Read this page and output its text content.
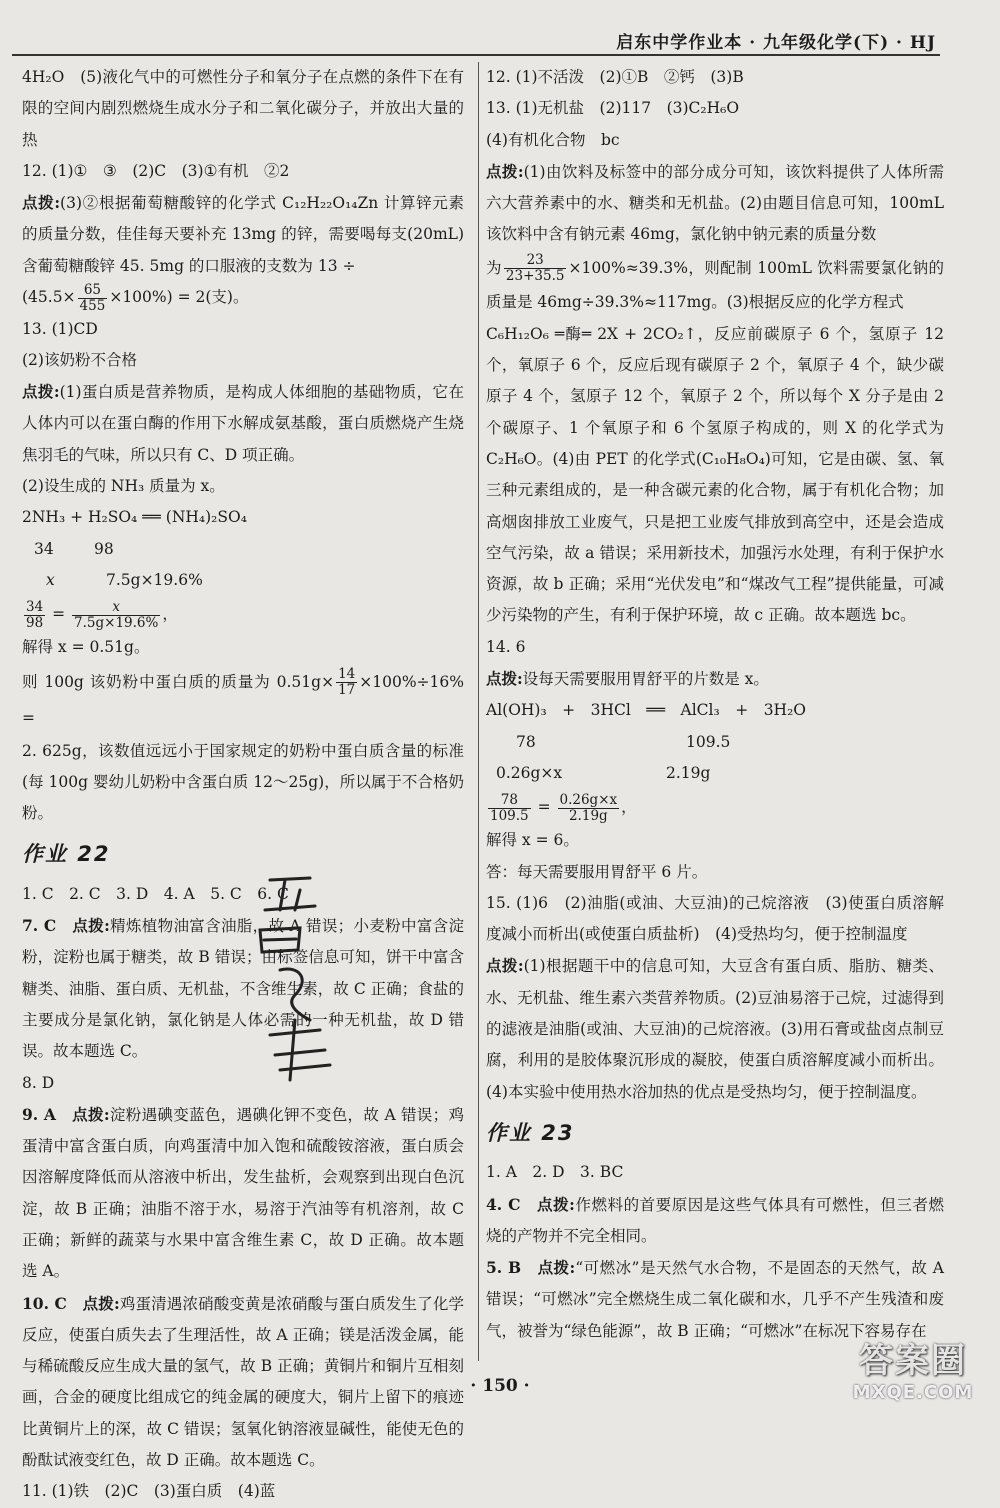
启东中学作业本 · 九年级化学(下) · HJ

4H₂O　(5)液化气中的可燃性分子和氧分子在点燃的条件下在有限的空间内剧烈燃烧生成水分子和二氧化碳分子，并放出大量的热

12. (1)①　③　(2)C　(3)①有机　②2

点拨:(3)②根据葡萄糖酸锌的化学式 C₁₂H₂₂O₁₄Zn 计算锌元素的质量分数，佳佳每天要补充 13mg 的锌，需要喝每支(20mL)含葡萄糖酸锌 45. 5mg 的口服液的支数为 13 ÷

$(45.5\times \frac{65}{455} \times 100\%) = 2$(支)。

13. (1)CD

(2)该奶粉不合格

点拨:(1)蛋白质是营养物质，是构成人体细胞的基础物质，它在人体内可以在蛋白酶的作用下水解成氨基酸，蛋白质燃烧产生烧焦羽毛的气味，所以只有 C、D 项正确。

(2)设生成的 NH₃ 质量为 x。

2NH₃ + H₂SO₄ ══ (NH₄)₂SO₄

34	98

x	7.5g×19.6%

$\frac{34}{98} = \frac{x}{7.5g\times 19.6\%}$ ，

解得 x = 0.51g。

则 100g 该奶粉中蛋白质的质量为 $0.51g\times \frac{14}{17} \times 100\%\div 16\%$ =

2. 625g，该数值远远小于国家规定的奶粉中蛋白质含量的标准(每 100g 婴幼儿奶粉中含蛋白质 12～25g)，所以属于不合格奶粉。

作业 22

1. C　2. C　3. D　4. A　5. C　6. C

7. C　点拨:精炼植物油富含油脂，故 A 错误；小麦粉中富含淀粉，淀粉也属于糖类，故 B 错误；由标签信息可知，饼干中富含糖类、油脂、蛋白质、无机盐，不含维生素，故 C 正确；食盐的主要成分是氯化钠，氯化钠是人体必需的一种无机盐，故 D 错误。故本题选 C。

8. D

9. A　点拨:淀粉遇碘变蓝色，遇碘化钾不变色，故 A 错误；鸡蛋清中富含蛋白质，向鸡蛋清中加入饱和硫酸铵溶液，蛋白质会因溶解度降低而从溶液中析出，发生盐析，会观察到出现白色沉淀，故 B 正确；油脂不溶于水，易溶于汽油等有机溶剂，故 C 正确；新鲜的蔬菜与水果中富含维生素 C，故 D 正确。故本题选 A。

10. C　点拨:鸡蛋清遇浓硝酸变黄是浓硝酸与蛋白质发生了化学反应，使蛋白质失去了生理活性，故 A 正确；镁是活泼金属，能与稀硫酸反应生成大量的氢气，故 B 正确；黄铜片和铜片互相刻画，合金的硬度比组成它的纯金属的硬度大，铜片上留下的痕迹比黄铜片上的深，故 C 错误；氢氧化钠溶液显碱性，能使无色的酚酞试液变红色，故 D 正确。故本题选 C。

11. (1)铁　(2)C　(3)蛋白质　(4)蓝

12. (1)不活泼　(2)①B　②钙　(3)B

13. (1)无机盐　(2)117　(3)C₂H₆O

(4)有机化合物　bc

点拨:(1)由饮料及标签中的部分成分可知，该饮料提供了人体所需六大营养素中的水、糖类和无机盐。(2)由题目信息可知，100mL 该饮料中含有钠元素 46mg，氯化钠中钠元素的质量分数

为 $\frac{23}{23+35.5} \times 100\%\approx 39.3\%$，则配制 100mL 饮料需要氯化钠的质量是 46mg÷39.3%≈117mg。(3)根据反应的化学方程式

C₆H₁₂O₆ ═酶═ 2X + 2CO₂↑，反应前碳原子 6 个，氢原子 12 个，氧原子 6 个，反应后现有碳原子 2 个，氧原子 4 个，缺少碳原子 4 个，氢原子 12 个，氧原子 2 个，所以每个 X 分子是由 2 个碳原子、1 个氧原子和 6 个氢原子构成的，则 X 的化学式为 C₂H₆O。(4)由 PET 的化学式(C₁₀H₈O₄)可知，它是由碳、氢、氧三种元素组成的，是一种含碳元素的化合物，属于有机化合物；加高烟囱排放工业废气，只是把工业废气排放到高空中，还是会造成空气污染，故 a 错误；采用新技术，加强污水处理，有利于保护水资源，故 b 正确；采用“光伏发电”和“煤改气工程”提供能量，可减少污染物的产生，有利于保护环境，故 c 正确。故本题选 bc。

14. 6

点拨:设每天需要服用胃舒平的片数是 x。

Al(OH)₃　+　3HCl　══　AlCl₃　+　3H₂O

78	109.5

0.26g×x	2.19g

$\frac{78}{109.5} = \frac{0.26g\times x}{2.19g}$ ，

解得 x = 6。

答：每天需要服用胃舒平 6 片。

15. (1)6　(2)油脂(或油、大豆油)的己烷溶液　(3)使蛋白质溶解度减小而析出(或使蛋白质盐析)　(4)受热均匀，便于控制温度

点拨:(1)根据题干中的信息可知，大豆含有蛋白质、脂肪、糖类、水、无机盐、维生素六类营养物质。(2)豆油易溶于己烷，过滤得到的滤液是油脂(或油、大豆油)的己烷溶液。(3)用石膏或盐卤点制豆腐，利用的是胶体聚沉形成的凝胶，使蛋白质溶解度减小而析出。(4)本实验中使用热水浴加热的优点是受热均匀，便于控制温度。

作业 23

1. A　2. D　3. BC

4. C　点拨:作燃料的首要原因是这些气体具有可燃性，但三者燃烧的产物并不完全相同。

5. B　点拨:“可燃冰”是天然气水合物，不是固态的天然气，故 A 错误；“可燃冰”完全燃烧生成二氧化碳和水，几乎不产生残渣和废气，被誉为“绿色能源”，故 B 正确；“可燃冰”在标况下容易存在

· 150 ·
答案圈
MXQE.COM
